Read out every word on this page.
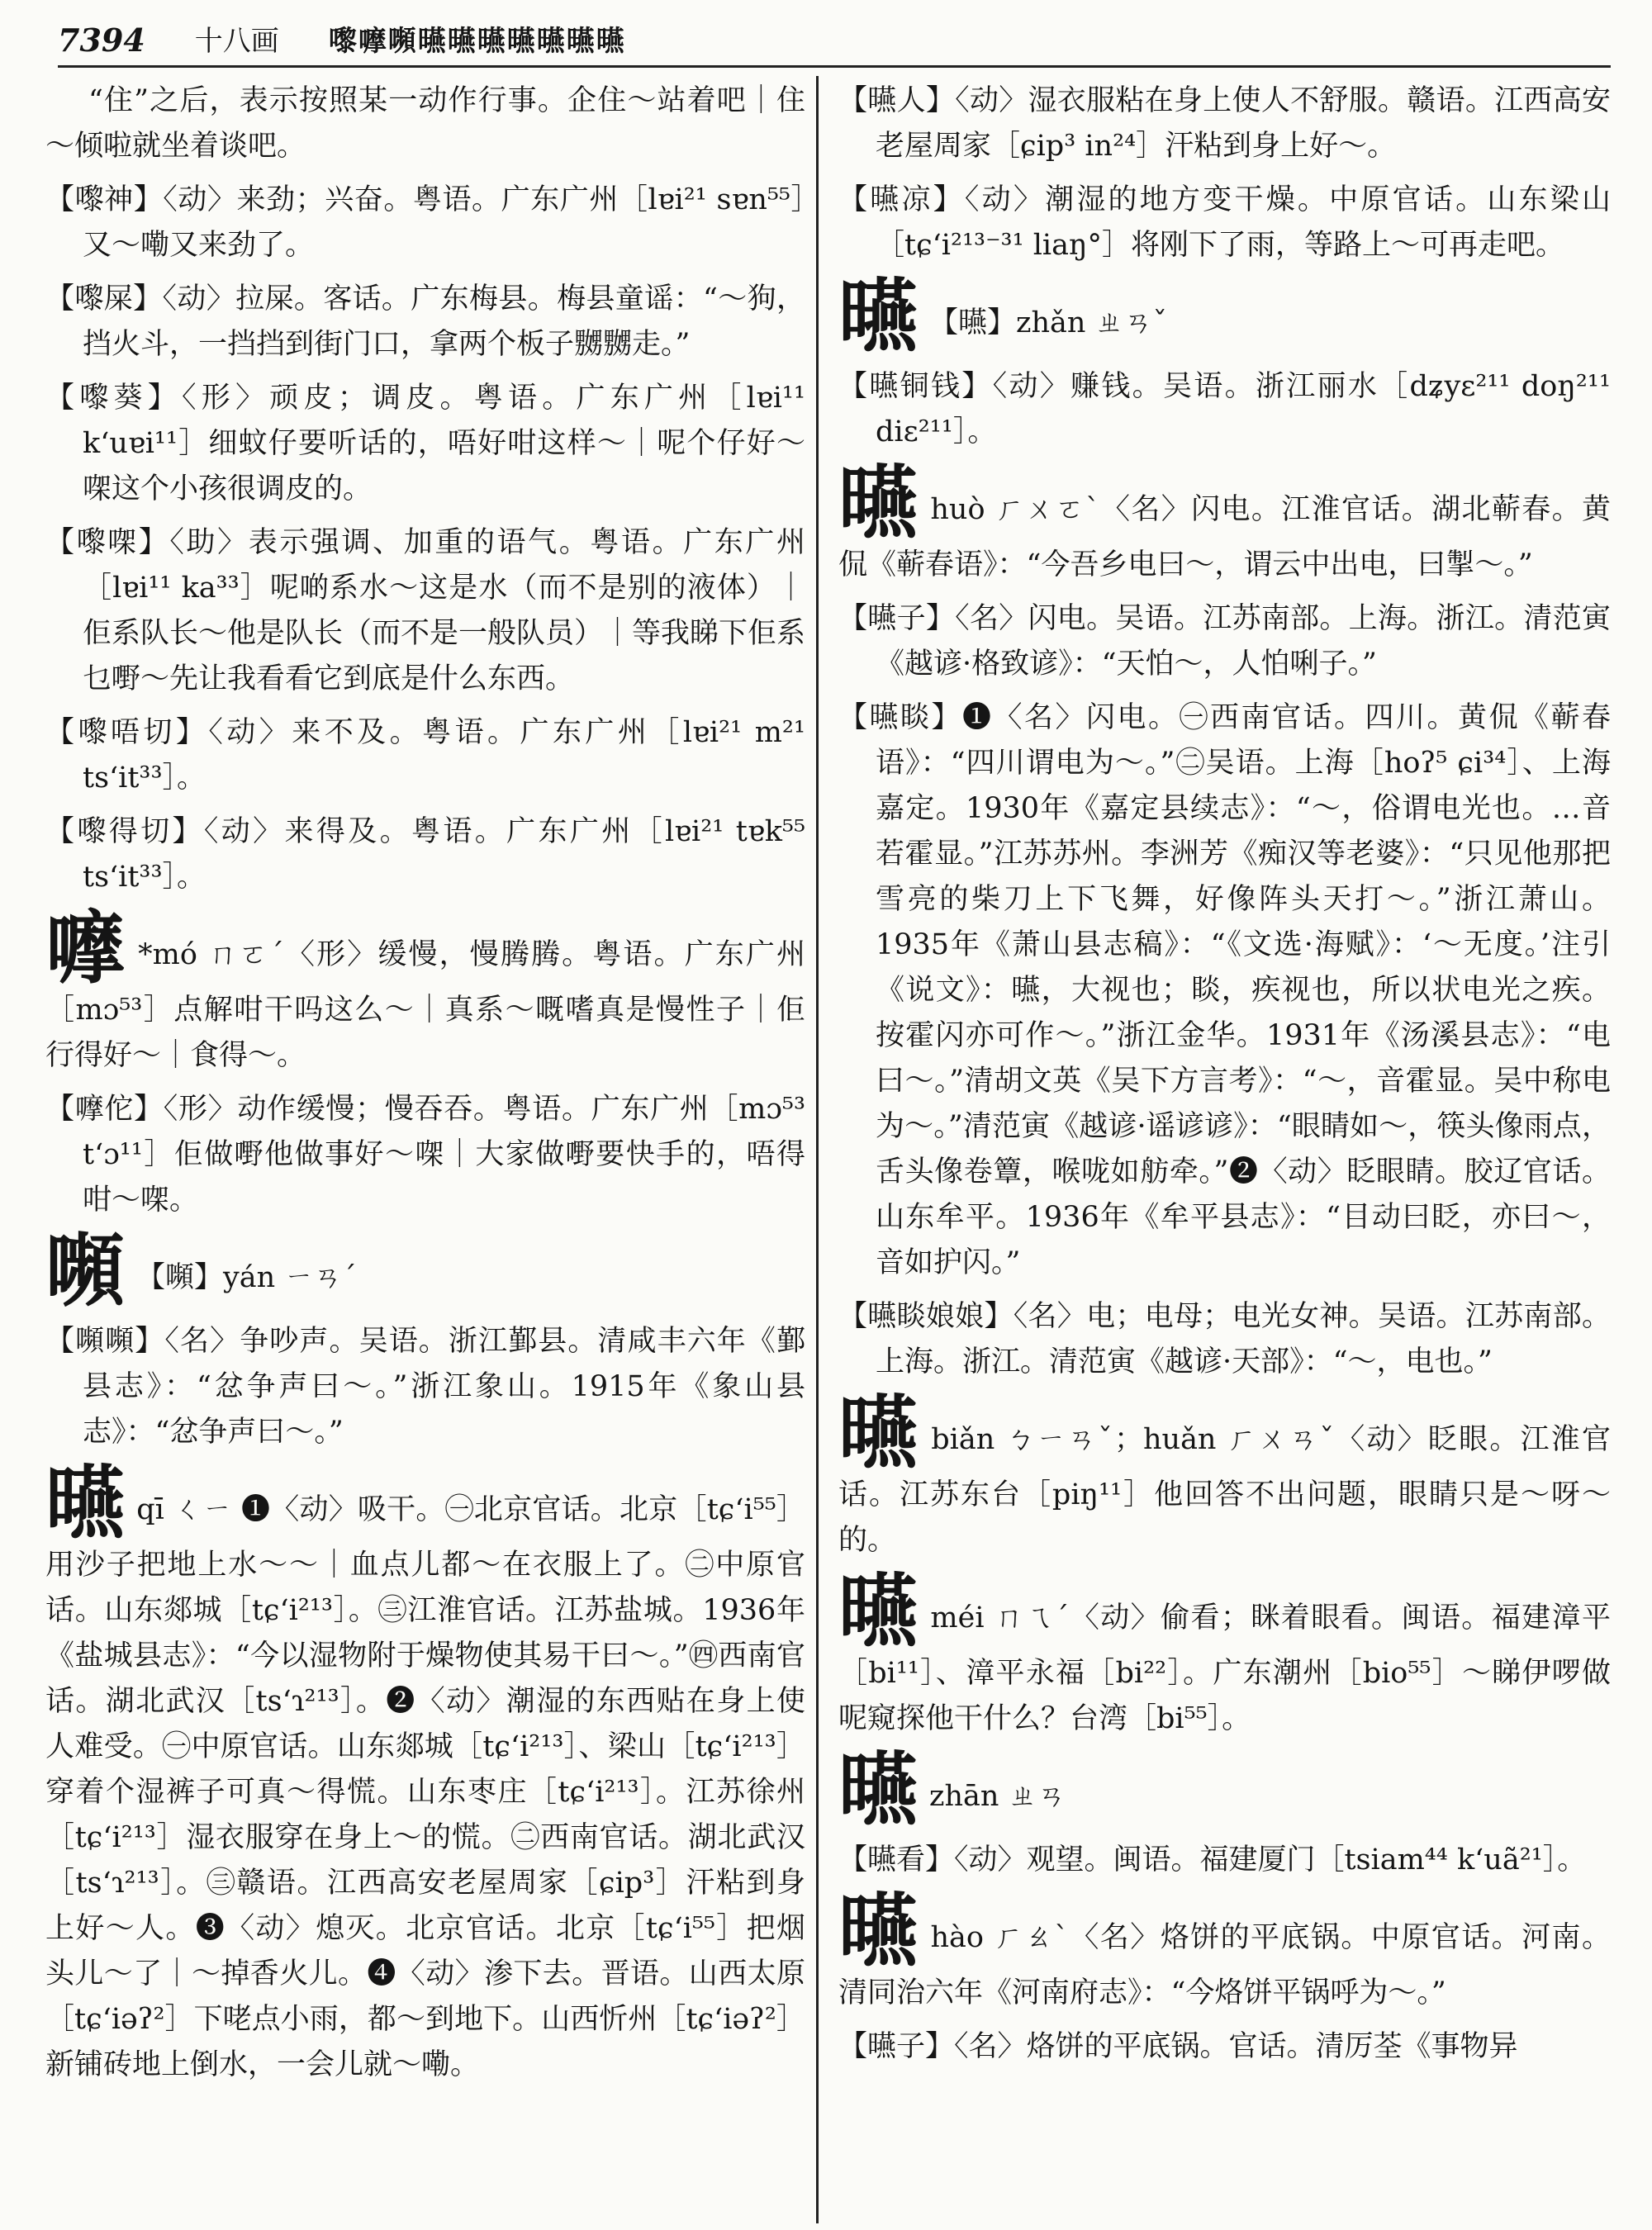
7394 十八画 嚟嚤嚬曣曣曣曣曣曣曣

“住”之后，表示按照某一动作行事。企住～站着吧｜住～倾啦就坐着谈吧。

【嚟神】〈动〉来劲；兴奋。粤语。广东广州［lɐi²¹ sɐn⁵⁵］又～嘞又来劲了。

【嚟屎】〈动〉拉屎。客话。广东梅县。梅县童谣：“～狗，挡火斗，一挡挡到街门口，拿两个板子嬲嬲走。”

【嚟葵】〈形〉顽皮；调皮。粤语。广东广州［lɐi¹¹ k‘uɐi¹¹］细蚊仔要听话的，唔好咁这样～｜呢个仔好～㗎这个小孩很调皮的。

【嚟㗎】〈助〉表示强调、加重的语气。粤语。广东广州［lɐi¹¹ ka³³］呢啲系水～这是水（而不是别的液体）｜佢系队长～他是队长（而不是一般队员）｜等我睇下佢系乜嘢～先让我看看它到底是什么东西。

【嚟唔切】〈动〉来不及。粤语。广东广州［lɐi²¹ m²¹ ts‘it³³］。

【嚟得切】〈动〉来得及。粤语。广东广州［lɐi²¹ tɐk⁵⁵ ts‘it³³］。

嚤 *mó ㄇㄛˊ〈形〉缓慢，慢腾腾。粤语。广东广州［mɔ⁵³］点解咁干吗这么～｜真系～嘅嗜真是慢性子｜佢行得好～｜食得～。

【嚤佗】〈形〉动作缓慢；慢吞吞。粤语。广东广州［mɔ⁵³ t‘ɔ¹¹］佢做嘢他做事好～㗎｜大家做嘢要快手的，唔得咁～㗎。

嚬 【嚬】yán ㄧㄢˊ

【嚬嚬】〈名〉争吵声。吴语。浙江鄞县。清咸丰六年《鄞县志》：“忿争声曰～。”浙江象山。1915年《象山县志》：“忿争声曰～。”

曣qī ㄑㄧ ❶〈动〉吸干。㊀北京官话。北京［tɕ‘i⁵⁵］用沙子把地上水～～｜血点儿都～在衣服上了。㊁中原官话。山东郯城［tɕ‘i²¹³］。㊂江淮官话。江苏盐城。1936年《盐城县志》：“今以湿物附于燥物使其易干曰～。”㊃西南官话。湖北武汉［ts‘ɿ²¹³］。❷〈动〉潮湿的东西贴在身上使人难受。㊀中原官话。山东郯城［tɕ‘i²¹³］、梁山［tɕ‘i²¹³］穿着个湿裤子可真～得慌。山东枣庄［tɕ‘i²¹³］。江苏徐州［tɕ‘i²¹³］湿衣服穿在身上～的慌。㊁西南官话。湖北武汉［ts‘ɿ²¹³］。㊂赣语。江西高安老屋周家［ɕip³］汗粘到身上好～人。❸〈动〉熄灭。北京官话。北京［tɕ‘i⁵⁵］把烟头儿～了｜～掉香火儿。❹〈动〉渗下去。晋语。山西太原［tɕ‘iəʔ²］下咾点小雨，都～到地下。山西忻州［tɕ‘iəʔ²］新铺砖地上倒水，一会儿就～嘞。

【曣人】〈动〉湿衣服粘在身上使人不舒服。赣语。江西高安老屋周家［ɕip³ in²⁴］汗粘到身上好～。

【曣凉】〈动〉潮湿的地方变干燥。中原官话。山东梁山［tɕ‘i²¹³⁻³¹ liaŋ°］将刚下了雨，等路上～可再走吧。

曣 【曣】zhǎn ㄓㄢˇ

【曣铜钱】〈动〉赚钱。吴语。浙江丽水［dʑyɛ²¹¹ doŋ²¹¹ diɛ²¹¹］。

曣huò ㄏㄨㄛˋ〈名〉闪电。江淮官话。湖北蕲春。黄侃《蕲春语》：“今吾乡电曰～，谓云中出电，曰掣～。”

【曣子】〈名〉闪电。吴语。江苏南部。上海。浙江。清范寅《越谚·格致谚》：“天怕～，人怕唎子。”

【曣睒】❶〈名〉闪电。㊀西南官话。四川。黄侃《蕲春语》：“四川谓电为～。”㊁吴语。上海［hoʔ⁵ ɕi³⁴］、上海嘉定。1930年《嘉定县续志》：“～，俗谓电光也。…音若霍显。”江苏苏州。李洲芳《痴汉等老婆》：“只见他那把雪亮的柴刀上下飞舞，好像阵头天打～。”浙江萧山。1935年《萧山县志稿》：“《文选·海赋》：‘～无度。’注引《说文》：曣，大视也；睒，疾视也，所以状电光之疾。按霍闪亦可作～。”浙江金华。1931年《汤溪县志》：“电曰～。”清胡文英《吴下方言考》：“～，音霍显。吴中称电为～。”清范寅《越谚·谣谚谚》：“眼睛如～，筷头像雨点，舌头像卷簟，喉咙如舫牵。”❷〈动〉眨眼睛。胶辽官话。山东牟平。1936年《牟平县志》：“目动曰眨，亦曰～，音如护闪。”

【曣睒娘娘】〈名〉电；电母；电光女神。吴语。江苏南部。上海。浙江。清范寅《越谚·天部》：“～，电也。”

曣biǎn ㄅㄧㄢˇ；huǎn ㄏㄨㄢˇ〈动〉眨眼。江淮官话。江苏东台［piŋ¹¹］他回答不出问题，眼睛只是～呀～的。

曣méi ㄇㄟˊ〈动〉偷看；眯着眼看。闽语。福建漳平［bi¹¹］、漳平永福［bi²²］。广东潮州［bio⁵⁵］～睇伊啰做呢窥探他干什么？台湾［bi⁵⁵］。

曣zhān ㄓㄢ

【曣看】〈动〉观望。闽语。福建厦门［tsiam⁴⁴ k‘uã²¹］。

曣hào ㄏㄠˋ〈名〉烙饼的平底锅。中原官话。河南。清同治六年《河南府志》：“今烙饼平锅呼为～。”

【曣子】〈名〉烙饼的平底锅。官话。清厉荃《事物异
